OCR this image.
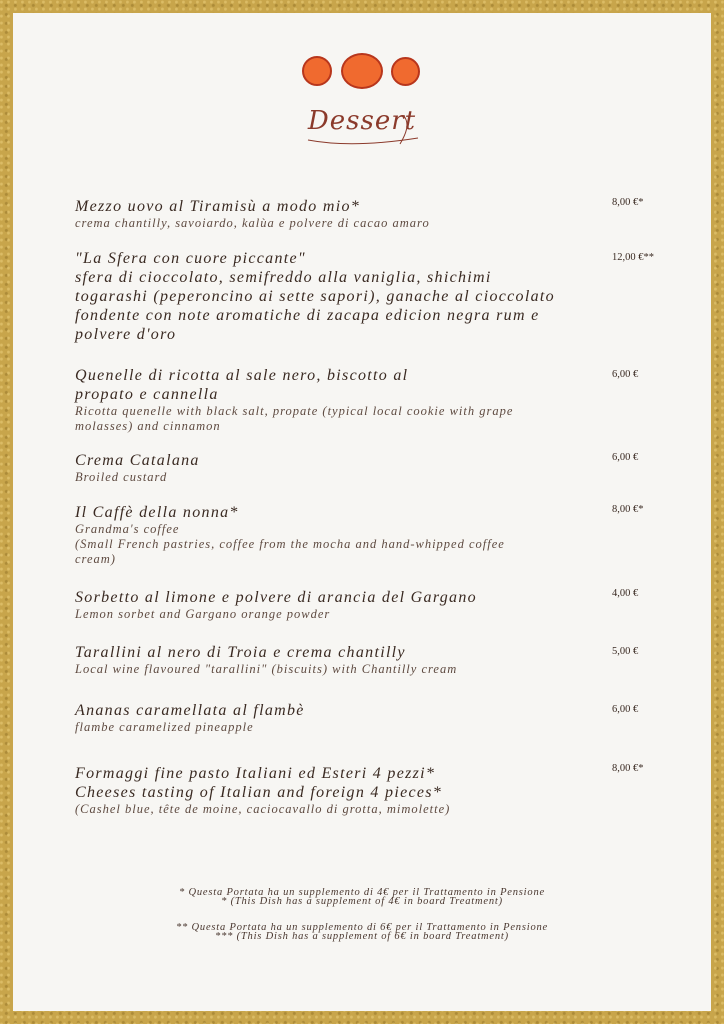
Dessert

Mezzo uovo al Tiramisù a modo mio*

crema chantilly, savoiardo, kalùa e polvere di cacao amaro

8,00 €*

"La Sfera con cuore piccante"
sfera di cioccolato, semifreddo alla vaniglia, shichimi
togarashi (peperoncino ai sette sapori), ganache al cioccolato
fondente con note aromatiche di zacapa edicion negra rum e
polvere d'oro

12,00 €**

Quenelle di ricotta al sale nero, biscotto al
propato e cannella

Ricotta quenelle with black salt, propate (typical local cookie with grape
molasses) and cinnamon

6,00 €

Crema Catalana

Broiled custard

6,00 €

Il Caffè della nonna*

Grandma's coffee
(Small French pastries, coffee from the mocha and hand-whipped coffee
cream)

8,00 €*

Sorbetto al limone e polvere di arancia del Gargano

Lemon sorbet and Gargano orange powder

4,00 €

Tarallini al nero di Troia e crema chantilly

Local wine flavoured "tarallini" (biscuits) with Chantilly cream

5,00 €

Ananas caramellata al flambè

flambe caramelized pineapple

6,00 €

Formaggi fine pasto Italiani ed Esteri 4 pezzi*
Cheeses tasting of Italian and foreign 4 pieces*

(Cashel blue, tête de moine, caciocavallo di grotta, mimolette)

8,00 €*
* Questa Portata ha un supplemento di 4€ per il Trattamento in Pensione
* (This Dish has a supplement of 4€ in board Treatment)
** Questa Portata ha un supplemento di 6€ per il Trattamento in Pensione
*** (This Dish has a supplement of 6€ in board Treatment)
